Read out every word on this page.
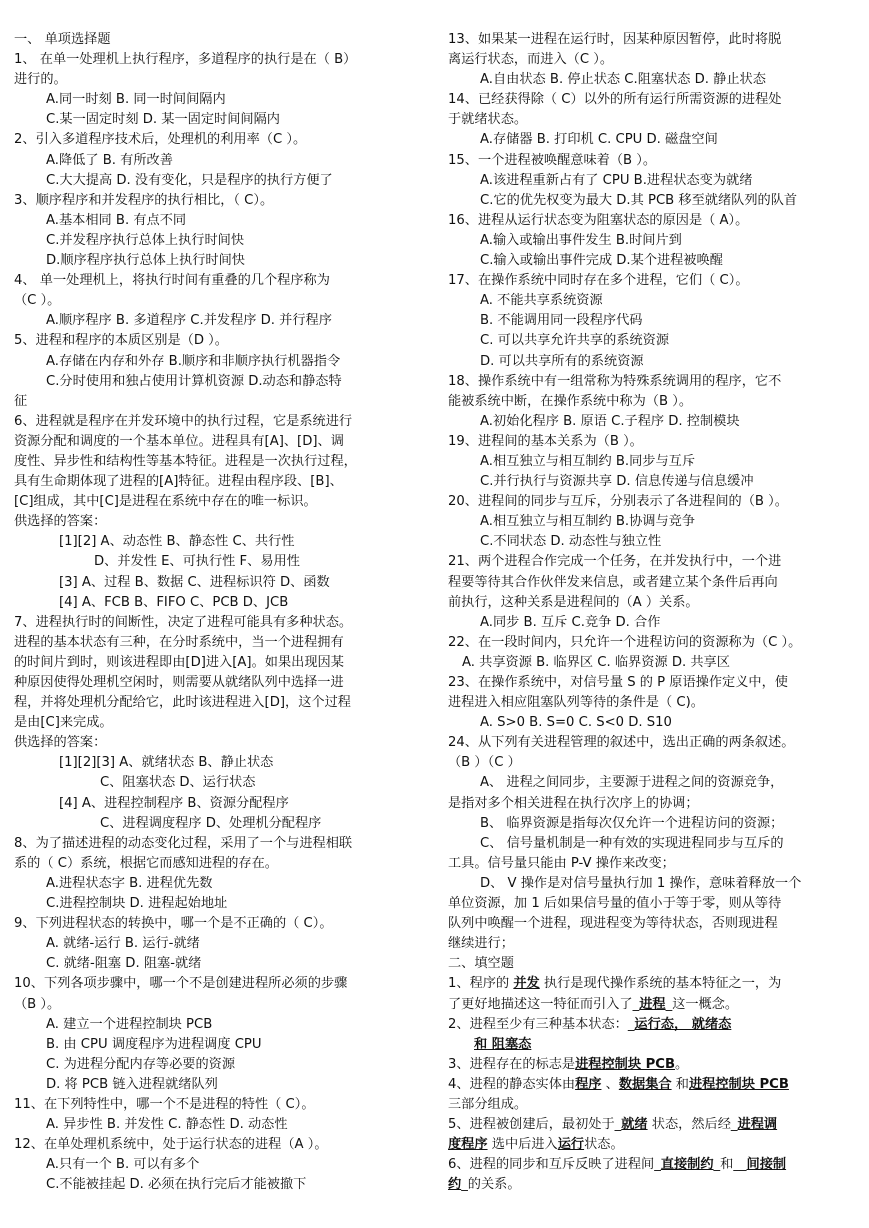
一、 单项选择题
1、 在单一处理机上执行程序，多道程序的执行是在（ B）
进行的。
A.同一时刻 B. 同一时间间隔内
C.某一固定时刻 D. 某一固定时间间隔内
2、引入多道程序技术后，处理机的利用率（C ）。
A.降低了 B. 有所改善
C.大大提高 D. 没有变化，只是程序的执行方便了
3、顺序程序和并发程序的执行相比，（ C）。
A.基本相同 B. 有点不同
C.并发程序执行总体上执行时间快
D.顺序程序执行总体上执行时间快
4、 单一处理机上，将执行时间有重叠的几个程序称为
（C ）。
A.顺序程序 B. 多道程序 C.并发程序 D. 并行程序
5、进程和程序的本质区别是（D ）。
A.存储在内存和外存 B.顺序和非顺序执行机器指令
C.分时使用和独占使用计算机资源 D.动态和静态特
征
6、进程就是程序在并发环境中的执行过程，它是系统进行
资源分配和调度的一个基本单位。进程具有[A]、[D]、调
度性、异步性和结构性等基本特征。进程是一次执行过程，
具有生命期体现了进程的[A]特征。进程由程序段、[B]、
[C]组成，其中[C]是进程在系统中存在的唯一标识。
供选择的答案：
[1][2] A、动态性 B、静态性 C、共行性
D、并发性 E、可执行性 F、易用性
[3] A、过程 B、数据 C、进程标识符 D、函数
[4] A、FCB B、FIFO C、PCB D、JCB
7、进程执行时的间断性，决定了进程可能具有多种状态。
进程的基本状态有三种，在分时系统中，当一个进程拥有
的时间片到时，则该进程即由[D]进入[A]。如果出现因某
种原因使得处理机空闲时，则需要从就绪队列中选择一进
程，并将处理机分配给它，此时该进程进入[D]，这个过程
是由[C]来完成。
供选择的答案：
[1][2][3] A、就绪状态 B、静止状态
C、阻塞状态 D、运行状态
[4] A、进程控制程序 B、资源分配程序
C、进程调度程序 D、处理机分配程序
8、为了描述进程的动态变化过程，采用了一个与进程相联
系的（ C）系统，根据它而感知进程的存在。
A.进程状态字 B. 进程优先数
C.进程控制块 D. 进程起始地址
9、下列进程状态的转换中，哪一个是不正确的（ C）。
A. 就绪-运行 B. 运行-就绪
C. 就绪-阻塞 D. 阻塞-就绪
10、下列各项步骤中，哪一个不是创建进程所必须的步骤
（B ）。
A. 建立一个进程控制块 PCB
B. 由 CPU 调度程序为进程调度 CPU
C. 为进程分配内存等必要的资源
D. 将 PCB 链入进程就绪队列
11、在下列特性中，哪一个不是进程的特性（ C）。
A. 异步性 B. 并发性 C. 静态性 D. 动态性
12、在单处理机系统中，处于运行状态的进程（A ）。
A.只有一个 B. 可以有多个
C.不能被挂起 D. 必须在执行完后才能被撤下
13、如果某一进程在运行时，因某种原因暂停，此时将脱
离运行状态，而进入（C ）。
A.自由状态 B. 停止状态 C.阻塞状态 D. 静止状态
14、已经获得除（ C）以外的所有运行所需资源的进程处
于就绪状态。
A.存储器 B. 打印机 C. CPU D. 磁盘空间
15、一个进程被唤醒意味着（B ）。
A.该进程重新占有了 CPU B.进程状态变为就绪
C.它的优先权变为最大 D.其 PCB 移至就绪队列的队首
16、进程从运行状态变为阻塞状态的原因是（ A）。
A.输入或输出事件发生 B.时间片到
C.输入或输出事件完成 D.某个进程被唤醒
17、在操作系统中同时存在多个进程，它们（ C）。
A. 不能共享系统资源
B. 不能调用同一段程序代码
C. 可以共享允许共享的系统资源
D. 可以共享所有的系统资源
18、操作系统中有一组常称为特殊系统调用的程序，它不
能被系统中断，在操作系统中称为（B ）。
A.初始化程序 B. 原语 C.子程序 D. 控制模块
19、进程间的基本关系为（B ）。
A.相互独立与相互制约 B.同步与互斥
C.并行执行与资源共享 D. 信息传递与信息缓冲
20、进程间的同步与互斥，分别表示了各进程间的（B ）。
A.相互独立与相互制约 B.协调与竞争
C.不同状态 D. 动态性与独立性
21、两个进程合作完成一个任务，在并发执行中，一个进
程要等待其合作伙伴发来信息，或者建立某个条件后再向
前执行，这种关系是进程间的（A ）关系。
A.同步 B. 互斥 C.竞争 D. 合作
22、在一段时间内，只允许一个进程访问的资源称为（C ）。
A. 共享资源 B. 临界区 C. 临界资源 D. 共享区
23、在操作系统中，对信号量 S 的 P 原语操作定义中，使
进程进入相应阻塞队列等待的条件是（ C)。
A. S>0 B. S=0 C. S<0 D. S10
24、从下列有关进程管理的叙述中，选出正确的两条叙述。
（B ）（C ）
A、 进程之间同步，主要源于进程之间的资源竞争，
是指对多个相关进程在执行次序上的协调；
B、 临界资源是指每次仅允许一个进程访问的资源；
C、 信号量机制是一种有效的实现进程同步与互斥的
工具。信号量只能由 P-V 操作来改变；
D、 V 操作是对信号量执行加 1 操作，意味着释放一个
单位资源，加 1 后如果信号量的值小于等于零，则从等待
队列中唤醒一个进程，现进程变为等待状态，否则现进程
继续进行；
二、填空题
1、程序的 并发 执行是现代操作系统的基本特征之一，为
了更好地描述这一特征而引入了_进程_这一概念。
2、进程至少有三种基本状态：_运行态， 就绪态
和 阻塞态
3、进程存在的标志是进程控制块 PCB。
4、进程的静态实体由程序 、数据集合 和进程控制块 PCB
三部分组成。
5、进程被创建后，最初处于_就绪 状态，然后经_进程调
度程序 选中后进入运行状态。
6、进程的同步和互斥反映了进程间_直接制约_和__间接制
约_的关系。
